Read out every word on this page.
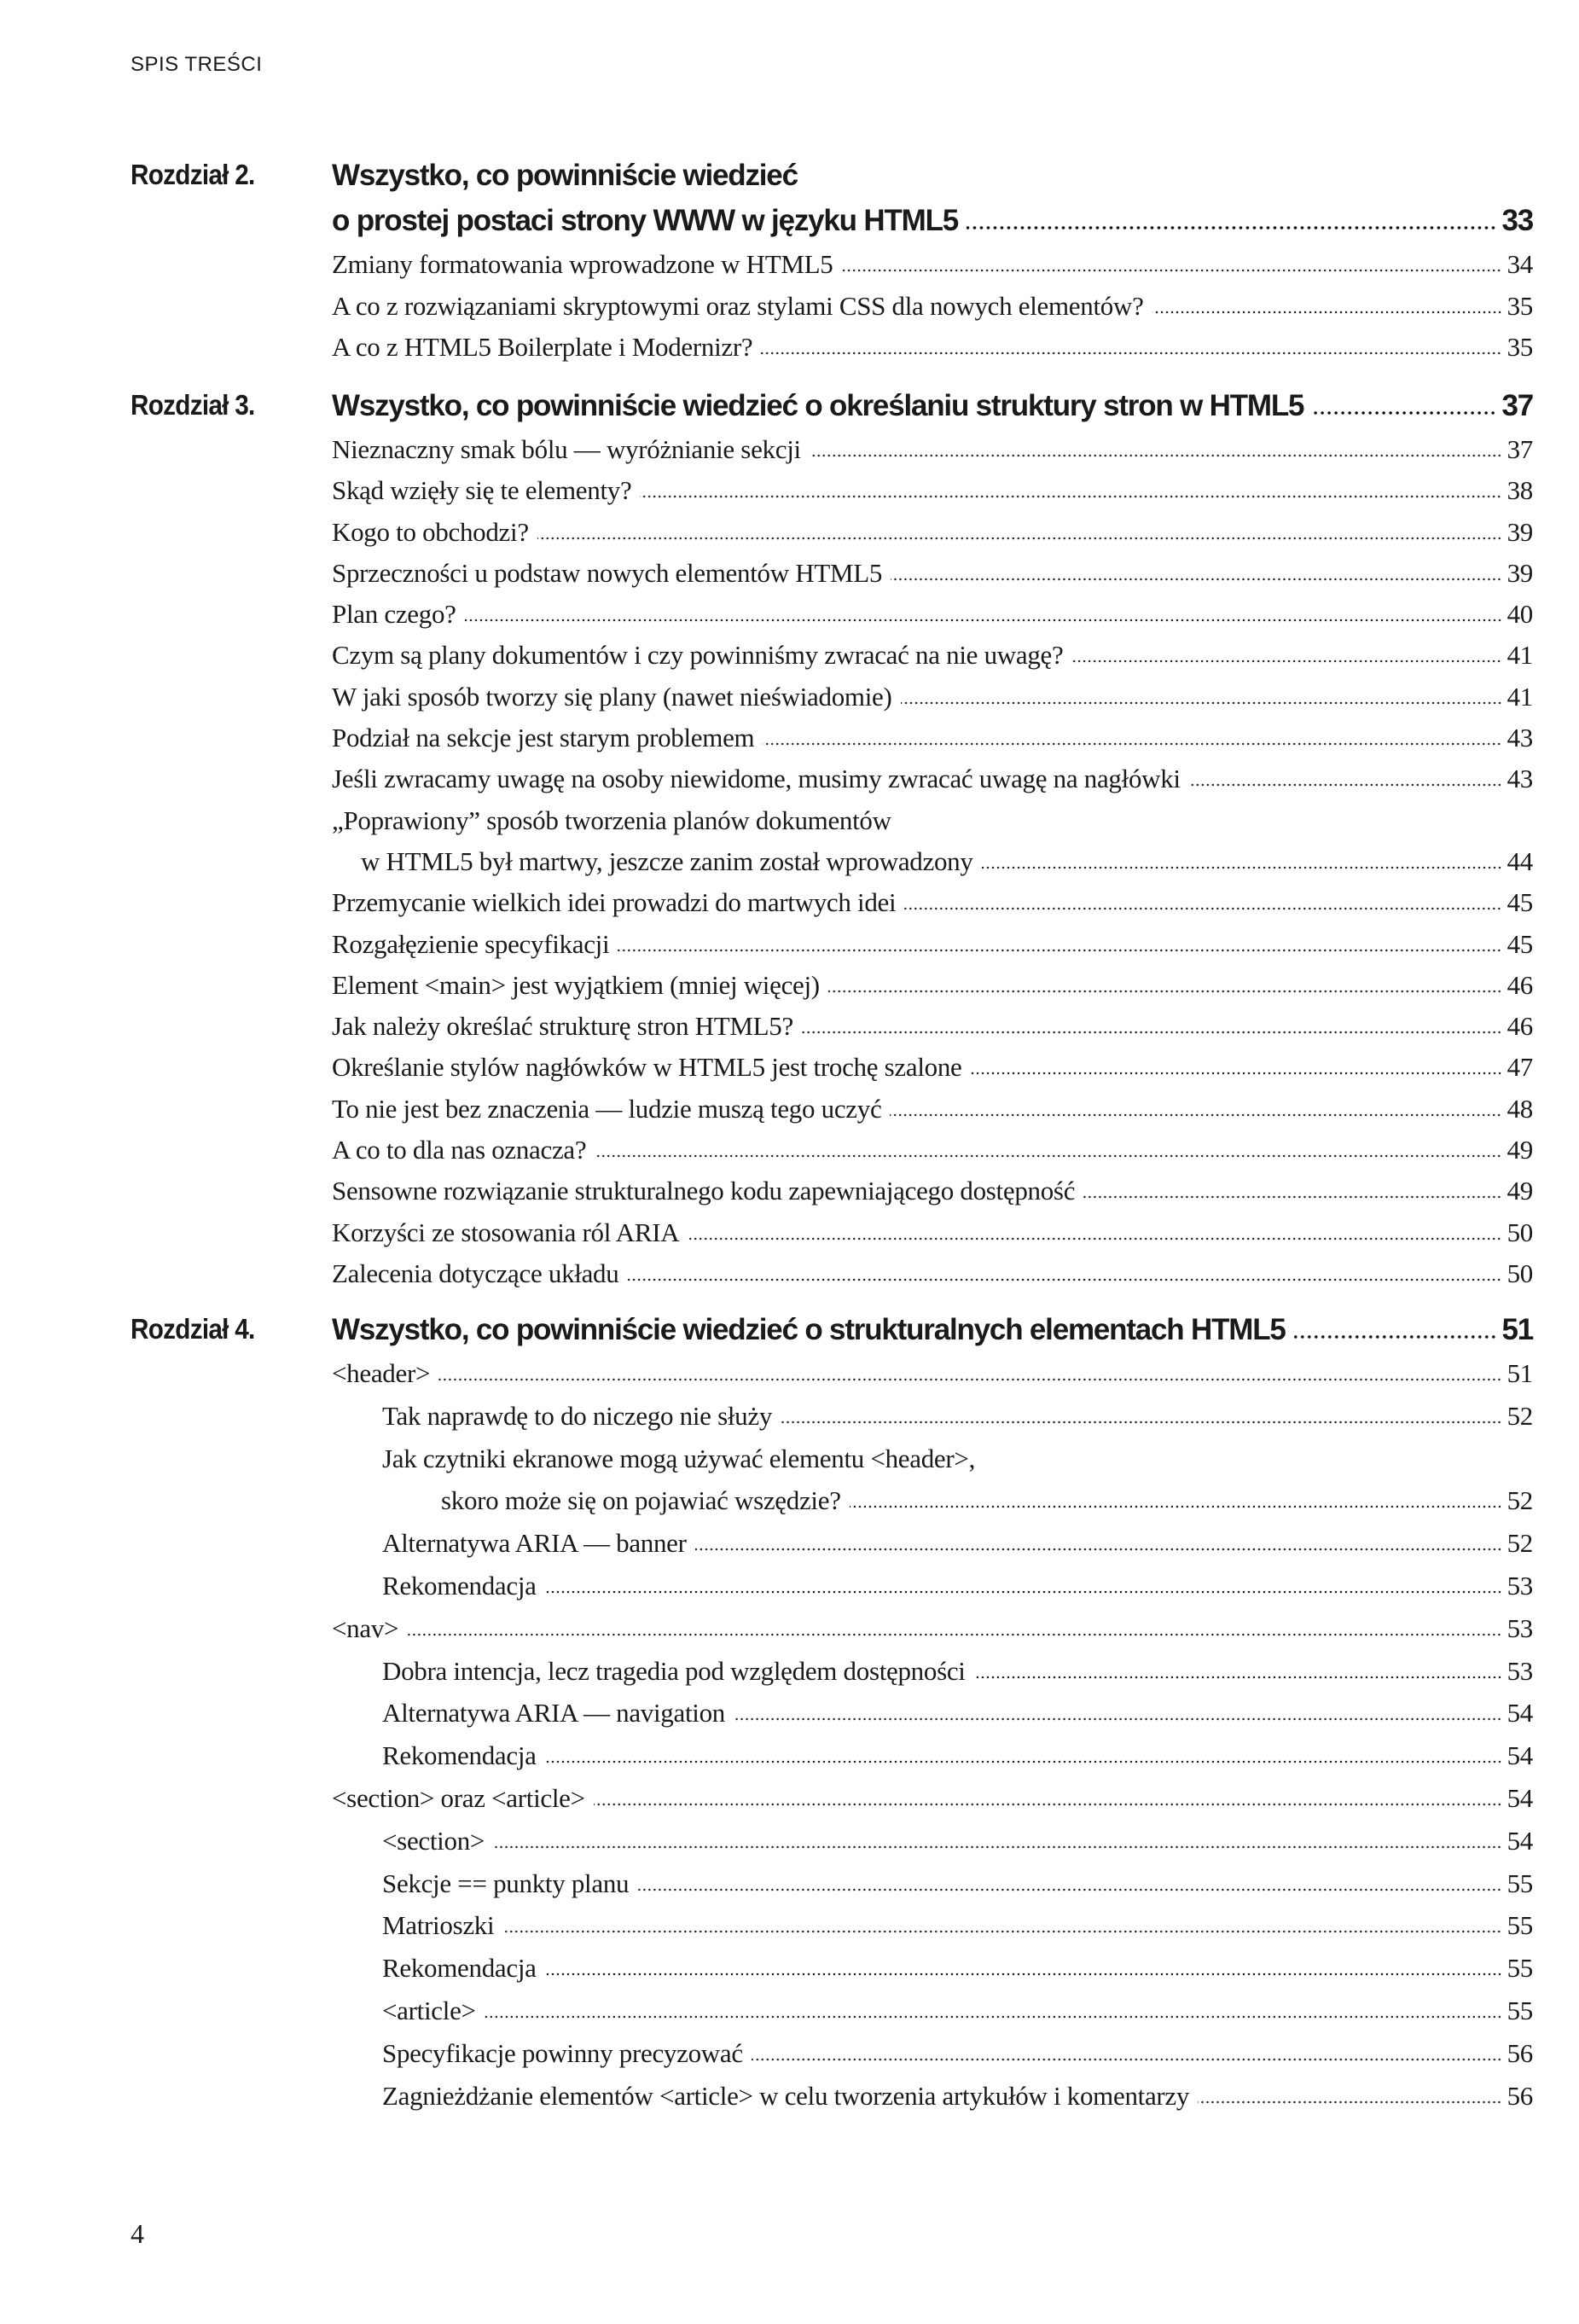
SPIS TREŚCI
Rozdział 2.	Wszystko, co powinniście wiedzieć
o prostej postaci strony WWW w języku HTML5	33
Zmiany formatowania wprowadzone w HTML5	34
A co z rozwiązaniami skryptowymi oraz stylami CSS dla nowych elementów?	35
A co z HTML5 Boilerplate i Modernizr?	35
Rozdział 3.	Wszystko, co powinniście wiedzieć o określaniu struktury stron w HTML5	37
Nieznaczny smak bólu — wyróżnianie sekcji	37
Skąd wzięły się te elementy?	38
Kogo to obchodzi?	39
Sprzeczności u podstaw nowych elementów HTML5	39
Plan czego?	40
Czym są plany dokumentów i czy powinniśmy zwracać na nie uwagę?	41
W jaki sposób tworzy się plany (nawet nieświadomie)	41
Podział na sekcje jest starym problemem	43
Jeśli zwracamy uwagę na osoby niewidome, musimy zwracać uwagę na nagłówki	43
„Poprawiony” sposób tworzenia planów dokumentów
w HTML5 był martwy, jeszcze zanim został wprowadzony	44
Przemycanie wielkich idei prowadzi do martwych idei	45
Rozgałęzienie specyfikacji	45
Element <main> jest wyjątkiem (mniej więcej)	46
Jak należy określać strukturę stron HTML5?	46
Określanie stylów nagłówków w HTML5 jest trochę szalone	47
To nie jest bez znaczenia — ludzie muszą tego uczyć	48
A co to dla nas oznacza?	49
Sensowne rozwiązanie strukturalnego kodu zapewniającego dostępność	49
Korzyści ze stosowania ról ARIA	50
Zalecenia dotyczące układu	50
Rozdział 4.	Wszystko, co powinniście wiedzieć o strukturalnych elementach HTML5	51
<header>	51
Tak naprawdę to do niczego nie służy	52
Jak czytniki ekranowe mogą używać elementu <header>,
skoro może się on pojawiać wszędzie?	52
Alternatywa ARIA — banner	52
Rekomendacja	53
<nav>	53
Dobra intencja, lecz tragedia pod względem dostępności	53
Alternatywa ARIA — navigation	54
Rekomendacja	54
<section> oraz <article>	54
<section>	54
Sekcje == punkty planu	55
Matrioszki	55
Rekomendacja	55
<article>	55
Specyfikacje powinny precyzować	56
Zagnieżdżanie elementów <article> w celu tworzenia artykułów i komentarzy	56
4
